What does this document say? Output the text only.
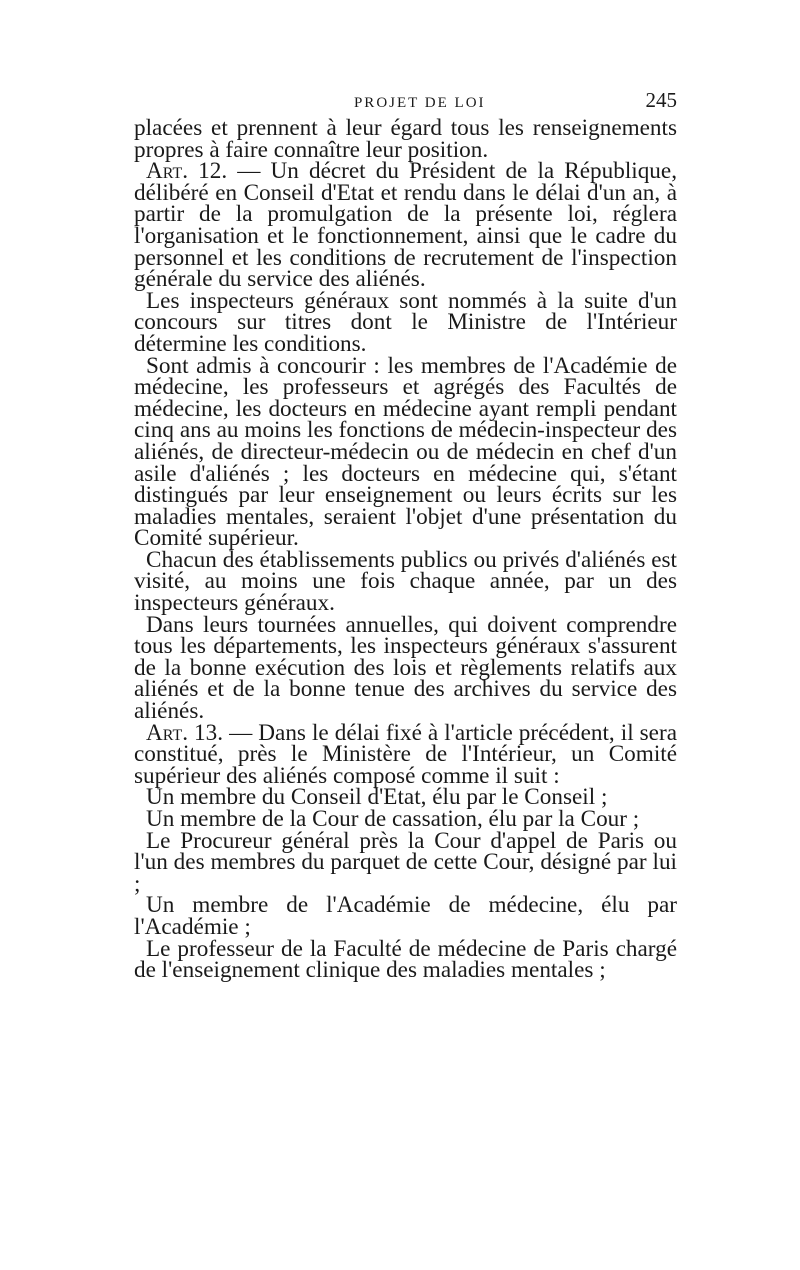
PROJET DE LOI	245

placées et prennent à leur égard tous les renseignements propres à faire connaître leur position.

Art. 12. — Un décret du Président de la République, délibéré en Conseil d'Etat et rendu dans le délai d'un an, à partir de la promulgation de la présente loi, réglera l'organisation et le fonctionnement, ainsi que le cadre du personnel et les conditions de recrutement de l'inspection générale du service des aliénés.

Les inspecteurs généraux sont nommés à la suite d'un concours sur titres dont le Ministre de l'Intérieur détermine les conditions.

Sont admis à concourir : les membres de l'Académie de médecine, les professeurs et agrégés des Facultés de médecine, les docteurs en médecine ayant rempli pendant cinq ans au moins les fonctions de médecin-inspecteur des aliénés, de directeur-médecin ou de médecin en chef d'un asile d'aliénés ; les docteurs en médecine qui, s'étant distingués par leur enseignement ou leurs écrits sur les maladies mentales, seraient l'objet d'une présentation du Comité supérieur.

Chacun des établissements publics ou privés d'aliénés est visité, au moins une fois chaque année, par un des inspecteurs généraux.

Dans leurs tournées annuelles, qui doivent comprendre tous les départements, les inspecteurs généraux s'assurent de la bonne exécution des lois et règlements relatifs aux aliénés et de la bonne tenue des archives du service des aliénés.

Art. 13. — Dans le délai fixé à l'article précédent, il sera constitué, près le Ministère de l'Intérieur, un Comité supérieur des aliénés composé comme il suit :

Un membre du Conseil d'Etat, élu par le Conseil ;

Un membre de la Cour de cassation, élu par la Cour ;

Le Procureur général près la Cour d'appel de Paris ou l'un des membres du parquet de cette Cour, désigné par lui ;

Un membre de l'Académie de médecine, élu par l'Académie ;

Le professeur de la Faculté de médecine de Paris chargé de l'enseignement clinique des maladies mentales ;
